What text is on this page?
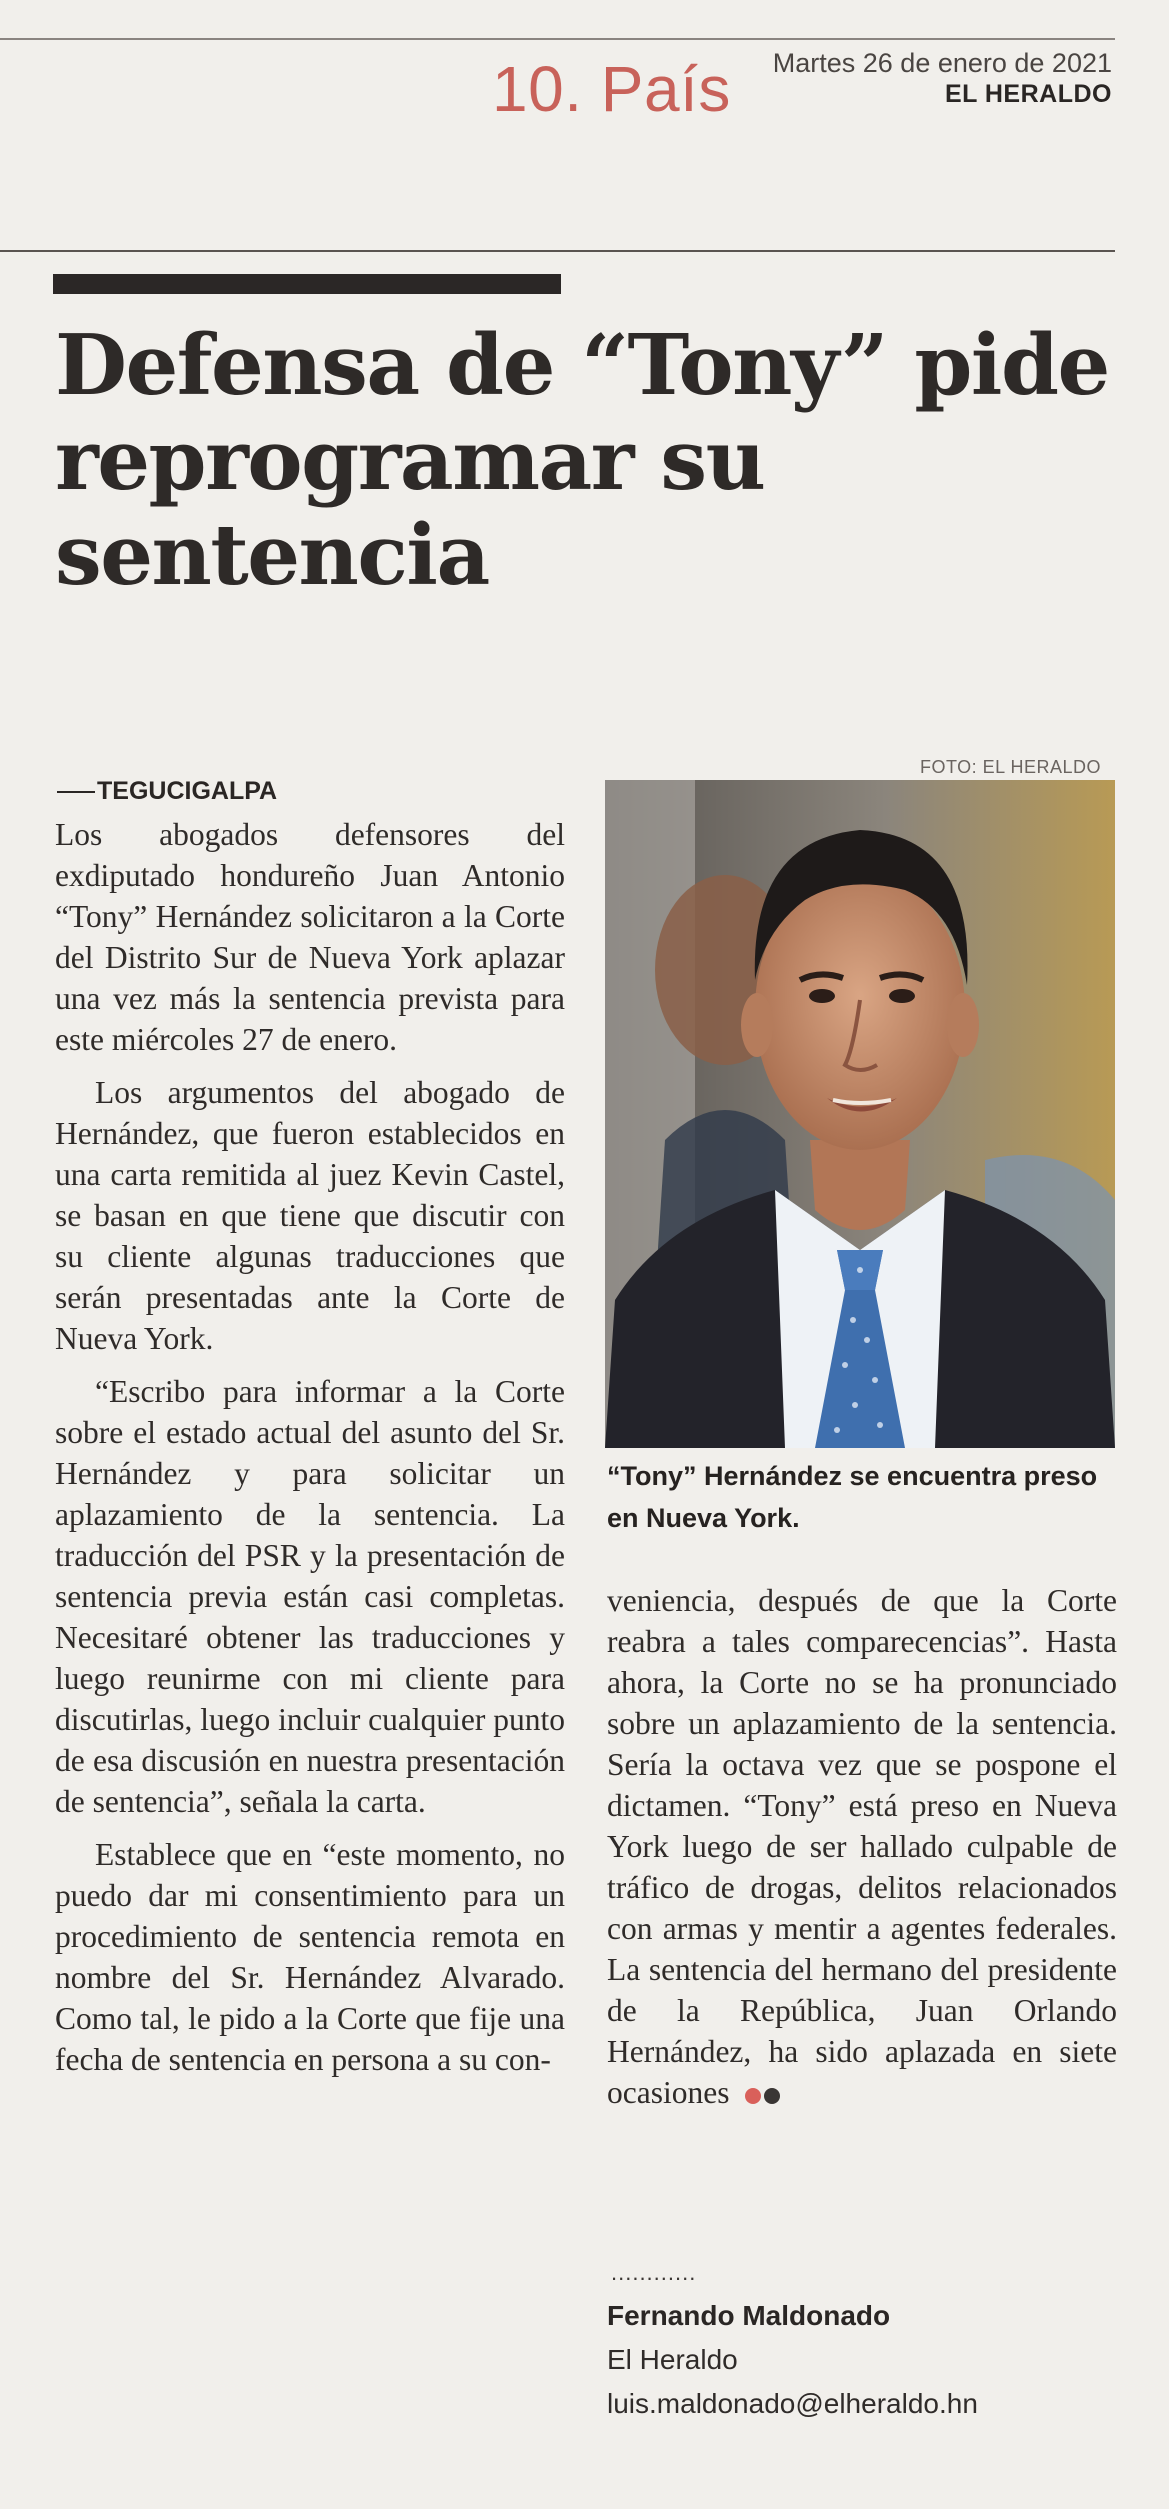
10. País Martes 26 de enero de 2021
EL HERALDO
Defensa de “Tony” pide reprogramar su sentencia
TEGUCIGALPA

Los abogados defensores del exdiputado hondureño Juan Antonio “Tony” Hernández solicitaron a la Corte del Distrito Sur de Nueva York aplazar una vez más la sentencia prevista para este miércoles 27 de enero.

Los argumentos del abogado de Hernández, que fueron establecidos en una carta remitida al juez Kevin Castel, se basan en que tiene que discutir con su cliente algunas traducciones que serán presentadas ante la Corte de Nueva York.

“Escribo para informar a la Corte sobre el estado actual del asunto del Sr. Hernández y para solicitar un aplazamiento de la sentencia. La traducción del PSR y la presentación de sentencia previa están casi completas. Necesitaré obtener las traducciones y luego reunirme con mi cliente para discutirlas, luego incluir cualquier punto de esa discusión en nuestra presentación de sentencia”, señala la carta.

Establece que en “este momento, no puedo dar mi consentimiento para un procedimiento de sentencia remota en nombre del Sr. Hernández Alvarado. Como tal, le pido a la Corte que fije una fecha de sentencia en persona a su con-

FOTO: EL HERALDO
“Tony” Hernández se encuentra preso en Nueva York.

veniencia, después de que la Corte reabra a tales comparecencias”. Hasta ahora, la Corte no se ha pronunciado sobre un aplazamiento de la sentencia. Sería la octava vez que se pospone el dictamen. “Tony” está preso en Nueva York luego de ser hallado culpable de tráfico de drogas, delitos relacionados con armas y mentir a agentes federales. La sentencia del hermano del presidente de la República, Juan Orlando Hernández, ha sido aplazada en siete ocasiones

............
Fernando Maldonado
El Heraldo
luis.maldonado@elheraldo.hn
